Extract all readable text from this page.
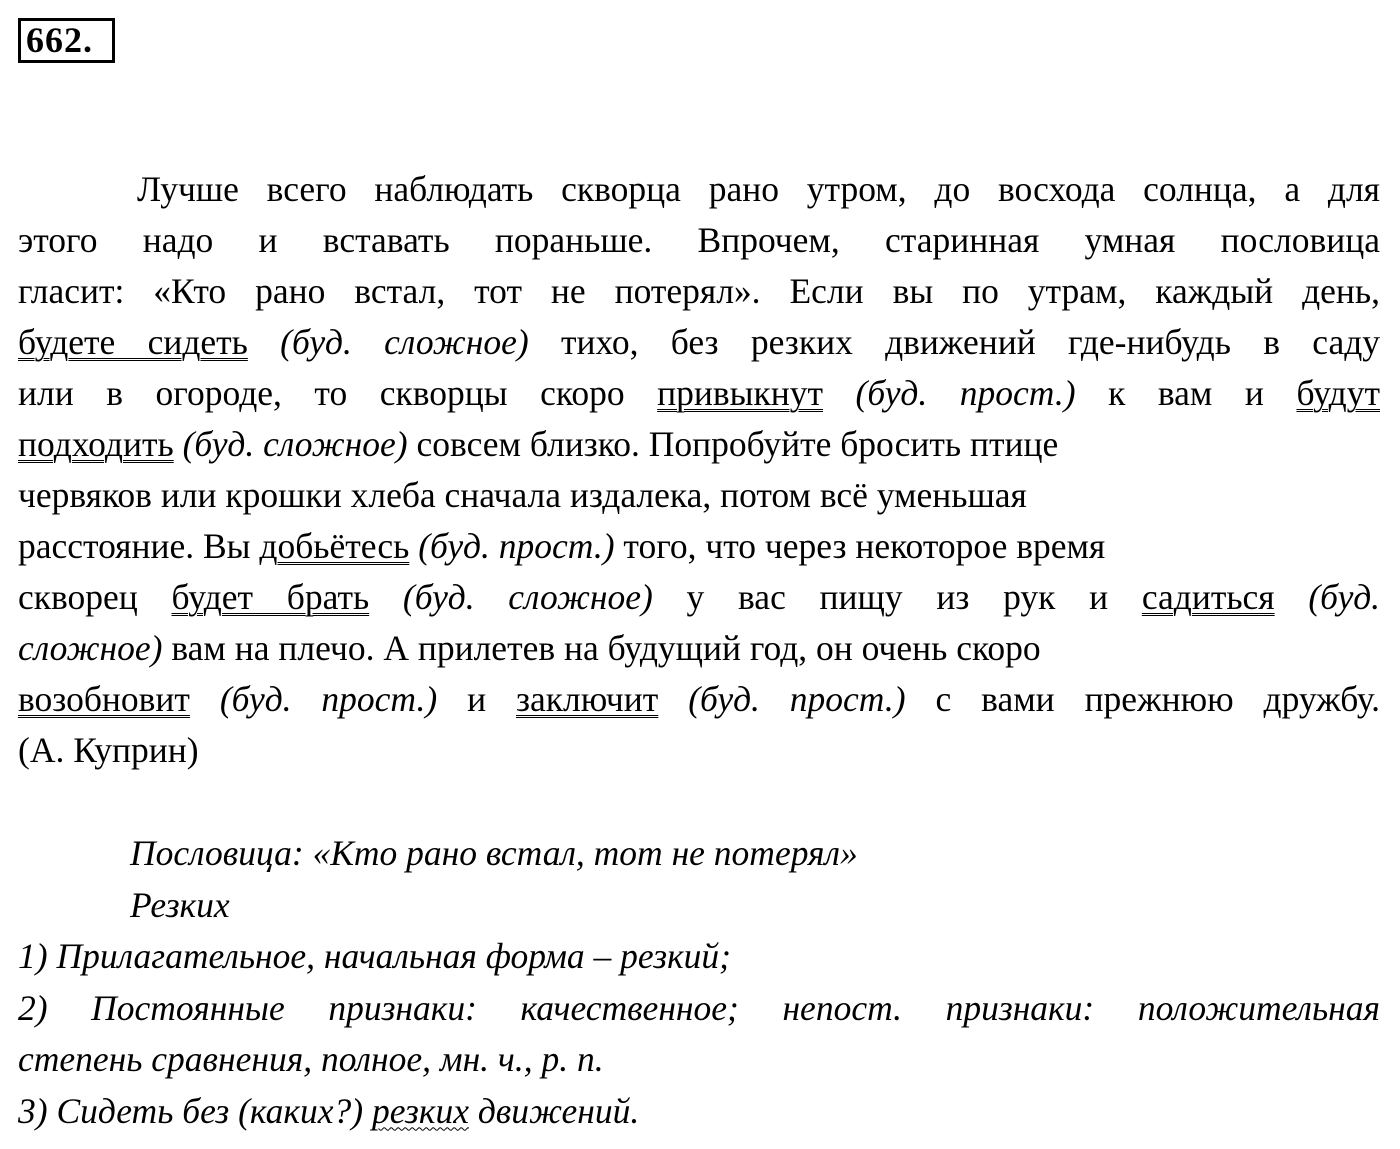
662.
Лучше всего наблюдать скворца рано утром, до восхода солнца, а для
этого надо и вставать пораньше. Впрочем, старинная умная пословица
гласит: «Кто рано встал, тот не потерял». Если вы по утрам, каждый день,
будете сидеть (буд. сложное) тихо, без резких движений где-нибудь в саду
или в огороде, то скворцы скоро привыкнут (буд. прост.) к вам и будут
подходить (буд. сложное) совсем близко. Попробуйте бросить птице
червяков или крошки хлеба сначала издалека, потом всё уменьшая
расстояние. Вы добьётесь (буд. прост.) того, что через некоторое время
скворец будет брать (буд. сложное) у вас пищу из рук и садиться (буд.
сложное) вам на плечо. А прилетев на будущий год, он очень скоро
возобновит (буд. прост.) и заключит (буд. прост.) с вами прежнюю дружбу.
(А. Куприн)
Пословица: «Кто рано встал, тот не потерял»
Резких
1) Прилагательное, начальная форма – резкий;
2) Постоянные признаки: качественное; непост. признаки: положительная
степень сравнения, полное, мн. ч., р. п.
3) Сидеть без (каких?) резких движений.
